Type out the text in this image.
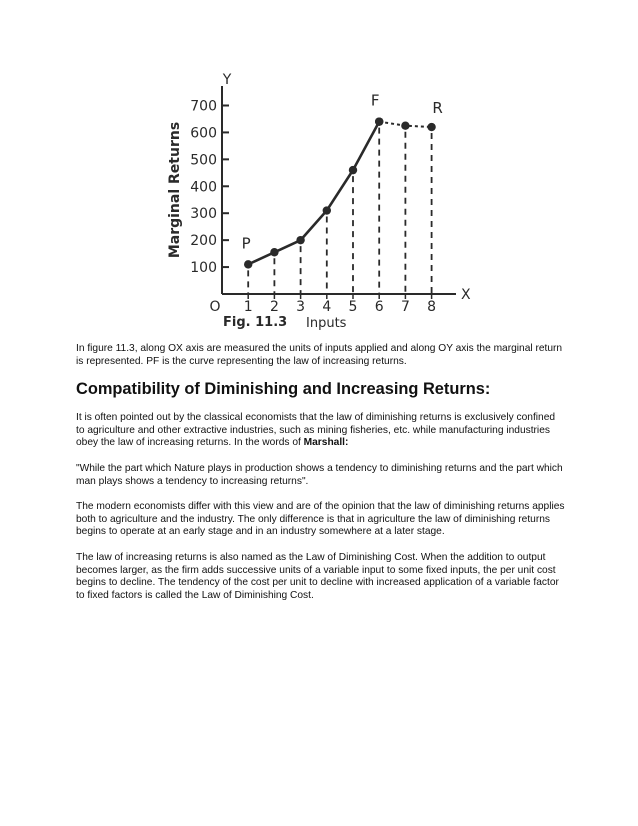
Y
X
O
Marginal Returns
Fig. 11.3 Inputs
100
200
300
400
500
600
700
1 2 3 4 5 6 7 8
P
F	R

In figure 11.3, along OX axis are measured the units of inputs applied and along OY axis the marginal return is represented. PF is the curve representing the law of increasing returns.

Compatibility of Diminishing and Increasing Returns:

It is often pointed out by the classical economists that the law of diminishing returns is exclusively confined to agriculture and other extractive industries, such as mining fisheries, etc. while manufacturing industries obey the law of increasing returns. In the words of Marshall:

"While the part which Nature plays in production shows a tendency to diminishing returns and the part which man plays shows a tendency to increasing returns".

The modern economists differ with this view and are of the opinion that the law of diminishing returns applies both to agriculture and the industry. The only difference is that in agriculture the law of diminishing returns begins to operate at an early stage and in an industry somewhere at a later stage.

The law of increasing returns is also named as the Law of Diminishing Cost. When the addition to output becomes larger, as the firm adds successive units of a variable input to some fixed inputs, the per unit cost begins to decline. The tendency of the cost per unit to decline with increased application of a variable factor to fixed factors is called the Law of Diminishing Cost.
